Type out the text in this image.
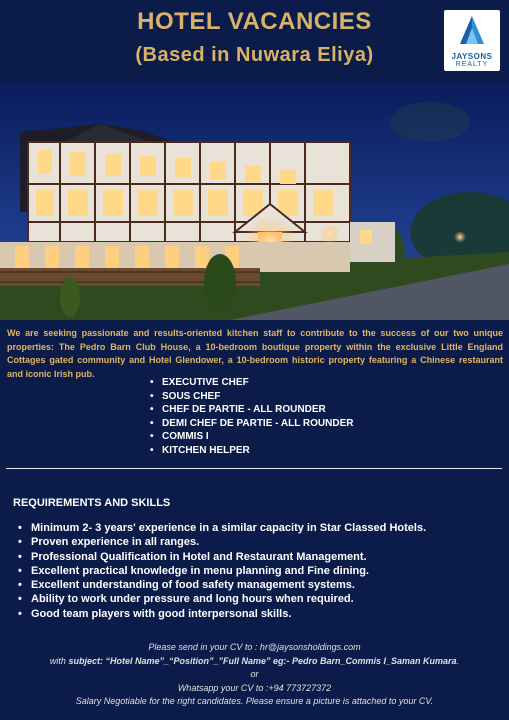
HOTEL VACANCIES
(Based in Nuwara Eliya)	JAYSONS
REALTY
We are seeking passionate and results-oriented kitchen staff to contribute to the success of our two unique properties: The Pedro Barn Club House, a 10-bedroom boutique property within the exclusive Little England Cottages gated community and Hotel Glendower, a 10-bedroom historic property featuring a Chinese restaurant and iconic Irish pub.
• EXECUTIVE CHEF
• SOUS CHEF
• CHEF DE PARTIE - ALL ROUNDER
• DEMI CHEF DE PARTIE - ALL ROUNDER
• COMMIS I
• KITCHEN HELPER
REQUIREMENTS AND SKILLS
• Minimum 2- 3 years' experience in a similar capacity in Star Classed Hotels.
• Proven experience in all ranges.
• Professional Qualification in Hotel and Restaurant Management.
• Excellent practical knowledge in menu planning and Fine dining.
• Excellent understanding of food safety management systems.
• Ability to work under pressure and long hours when required.
• Good team players with good interpersonal skills.
Please send in your CV to : hr@jaysonsholdings.com
with subject: “Hotel Name”_“Position”_”Full Name” eg:- Pedro Barn_Commis I_Saman Kumara.
or
Whatsapp your CV to :+94 773727372
Salary Negotiable for the right candidates. Please ensure a picture is attached to your CV.
